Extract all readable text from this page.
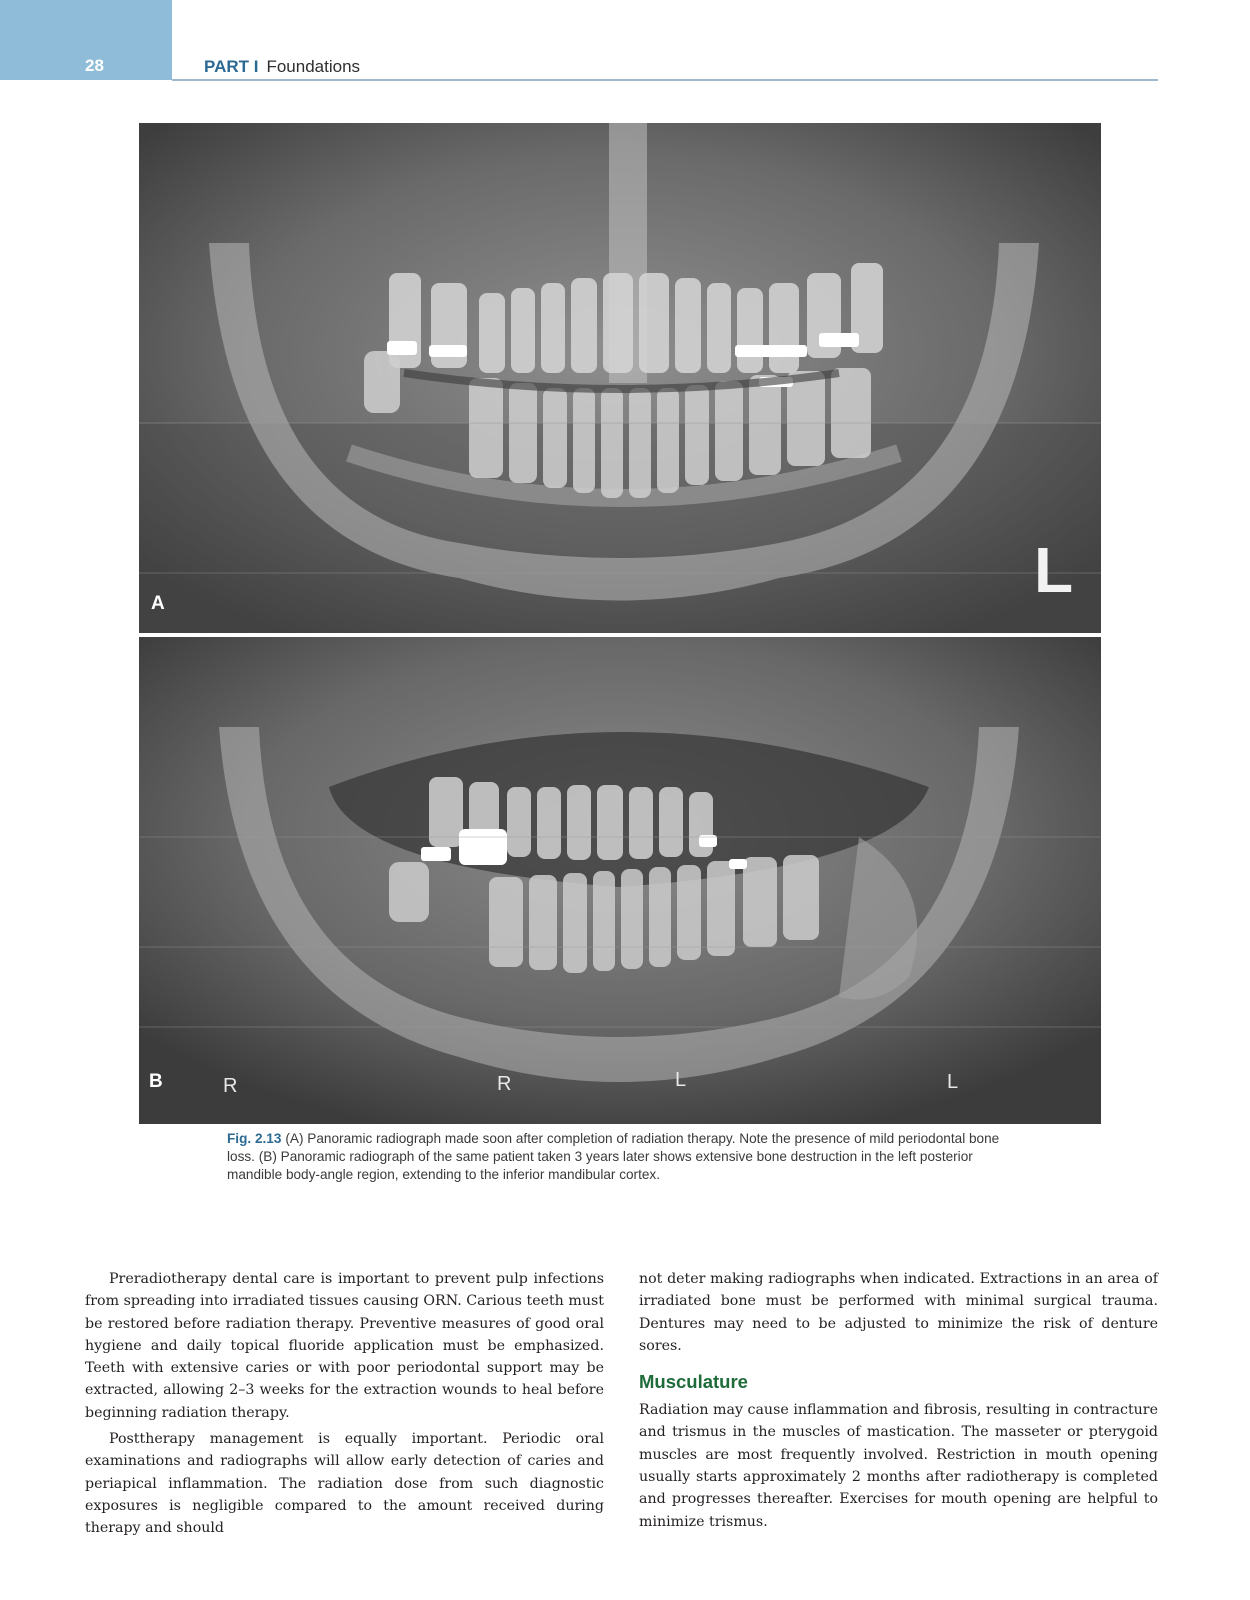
28	PART I Foundations
A	L
B	R	R	L	L
Fig. 2.13 (A) Panoramic radiograph made soon after completion of radiation therapy. Note the presence of mild periodontal bone loss. (B) Panoramic radiograph of the same patient taken 3 years later shows extensive bone destruction in the left posterior mandible body-angle region, extending to the inferior mandibular cortex.

Preradiotherapy dental care is important to prevent pulp infections from spreading into irradiated tissues causing ORN. Carious teeth must be restored before radiation therapy. Preventive measures of good oral hygiene and daily topical fluoride application must be emphasized. Teeth with extensive caries or with poor periodontal support may be extracted, allowing 2–3 weeks for the extraction wounds to heal before beginning radiation therapy.

Posttherapy management is equally important. Periodic oral examinations and radiographs will allow early detection of caries and periapical inflammation. The radiation dose from such diagnostic exposures is negligible compared to the amount received during therapy and should

not deter making radiographs when indicated. Extractions in an area of irradiated bone must be performed with minimal surgical trauma. Dentures may need to be adjusted to minimize the risk of denture sores.

Musculature

Radiation may cause inflammation and fibrosis, resulting in contracture and trismus in the muscles of mastication. The masseter or pterygoid muscles are most frequently involved. Restriction in mouth opening usually starts approximately 2 months after radiotherapy is completed and progresses thereafter. Exercises for mouth opening are helpful to minimize trismus.
